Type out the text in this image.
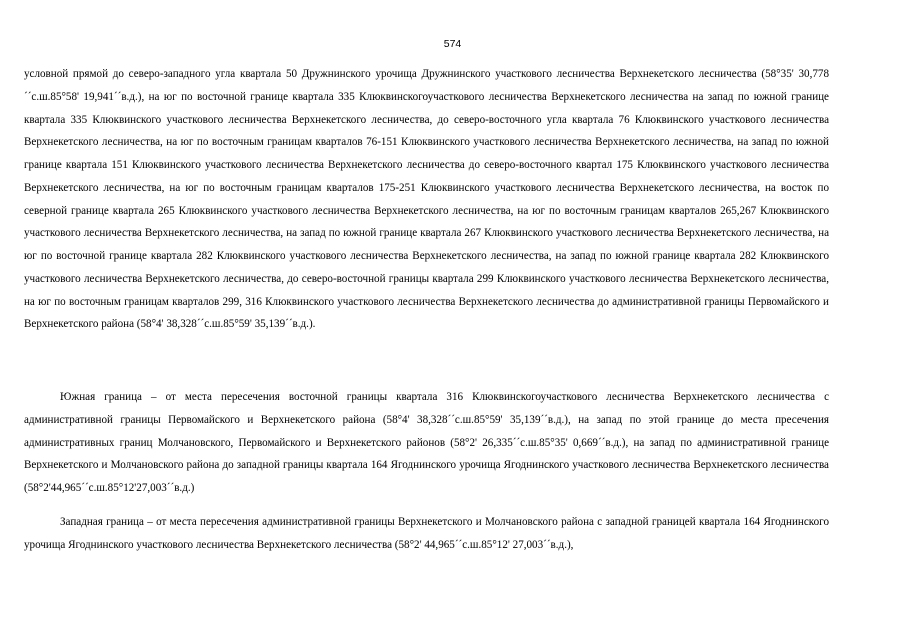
574

условной прямой до северо-западного угла квартала 50 Дружнинского урочища Дружнинского участкового лесничества Верхнекетского лесничества (58°35' 30,778´´с.ш.85°58' 19,941´´в.д.), на юг по восточной границе квартала 335 Клюквинскогоучасткового лесничества Верхнекетского лесничества на запад по южной границе квартала 335 Клюквинского участкового лесничества Верхнекетского лесничества, до северо-восточного угла квартала 76 Клюквинского участкового лесничества Верхнекетского лесничества, на юг по восточным границам кварталов 76-151 Клюквинского участкового лесничества Верхнекетского лесничества, на запад по южной границе квартала 151 Клюквинского участкового лесничества Верхнекетского лесничества до северо-восточного квартал 175 Клюквинского участкового лесничества Верхнекетского лесничества, на юг по восточным границам кварталов 175-251 Клюквинского участкового лесничества Верхнекетского лесничества, на восток по северной границе квартала 265 Клюквинского участкового лесничества Верхнекетского лесничества, на юг по восточным границам кварталов 265,267 Клюквинского участкового лесничества Верхнекетского лесничества, на запад по южной границе квартала 267 Клюквинского участкового лесничества Верхнекетского лесничества, на юг по восточной границе квартала 282 Клюквинского участкового лесничества Верхнекетского лесничества, на запад по южной границе квартала 282 Клюквинского участкового лесничества Верхнекетского лесничества, до северо-восточной границы квартала 299 Клюквинского участкового лесничества Верхнекетского лесничества, на юг по восточным границам кварталов 299, 316 Клюквинского участкового лесничества Верхнекетского лесничества до административной границы Первомайского и Верхнекетского района (58°4' 38,328´´с.ш.85°59' 35,139´´в.д.).

Южная граница – от места пересечения восточной границы квартала 316 Клюквинскогоучасткового лесничества Верхнекетского лесничества с административной границы Первомайского и Верхнекетского района (58°4' 38,328´´с.ш.85°59' 35,139´´в.д.), на запад по этой границе до места пресечения административных границ Молчановского, Первомайского и Верхнекетского районов (58°2' 26,335´´с.ш.85°35' 0,669´´в.д.), на запад по административной границе Верхнекетского и Молчановского района до западной границы квартала 164 Ягоднинского урочища Ягоднинского участкового лесничества Верхнекетского лесничества (58°2'44,965´´с.ш.85°12'27,003´´в.д.)

Западная граница – от места пересечения административной границы Верхнекетского и Молчановского района с западной границей квартала 164 Ягоднинского урочища Ягоднинского участкового лесничества Верхнекетского лесничества (58°2' 44,965´´с.ш.85°12' 27,003´´в.д.),
